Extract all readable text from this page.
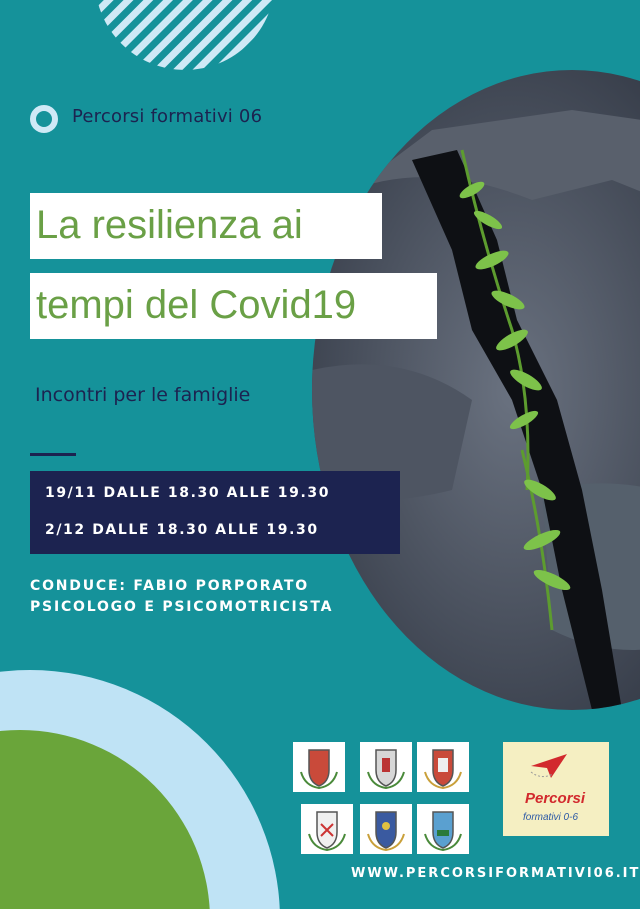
Percorsi formativi 06
La resilienza ai
tempi del Covid19
Incontri per le famiglie
19/11 DALLE 18.30 ALLE 19.30
2/12 DALLE 18.30 ALLE 19.30
CONDUCE: FABIO PORPORATO
PSICOLOGO E PSICOMOTRICISTA
Percorsi
formativi 0-6
WWW.PERCORSIFORMATIVI06.IT
